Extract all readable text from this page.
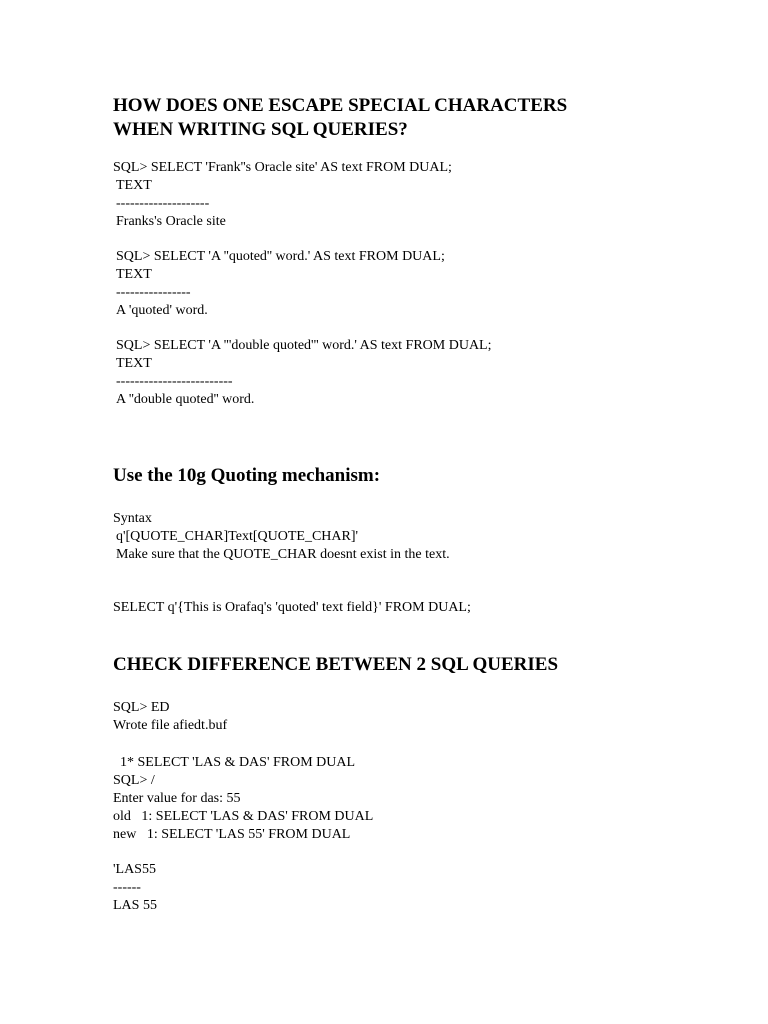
HOW DOES ONE ESCAPE SPECIAL CHARACTERS
WHEN WRITING SQL QUERIES?
SQL> SELECT 'Frank''s Oracle site' AS text FROM DUAL;
TEXT
--------------------
Franks's Oracle site
SQL> SELECT 'A ''quoted'' word.' AS text FROM DUAL;
TEXT
----------------
A 'quoted' word.
SQL> SELECT 'A '''double quoted''' word.' AS text FROM DUAL;
TEXT
-------------------------
A ''double quoted'' word.
Use the 10g Quoting mechanism:
Syntax
q'[QUOTE_CHAR]Text[QUOTE_CHAR]'
Make sure that the QUOTE_CHAR doesnt exist in the text.
SELECT q'{This is Orafaq's 'quoted' text field}' FROM DUAL;
CHECK DIFFERENCE BETWEEN 2 SQL QUERIES
SQL> ED
Wrote file afiedt.buf
1* SELECT 'LAS & DAS' FROM DUAL
SQL> /
Enter value for das: 55
old   1: SELECT 'LAS & DAS' FROM DUAL
new   1: SELECT 'LAS 55' FROM DUAL
'LAS55
------
LAS 55
